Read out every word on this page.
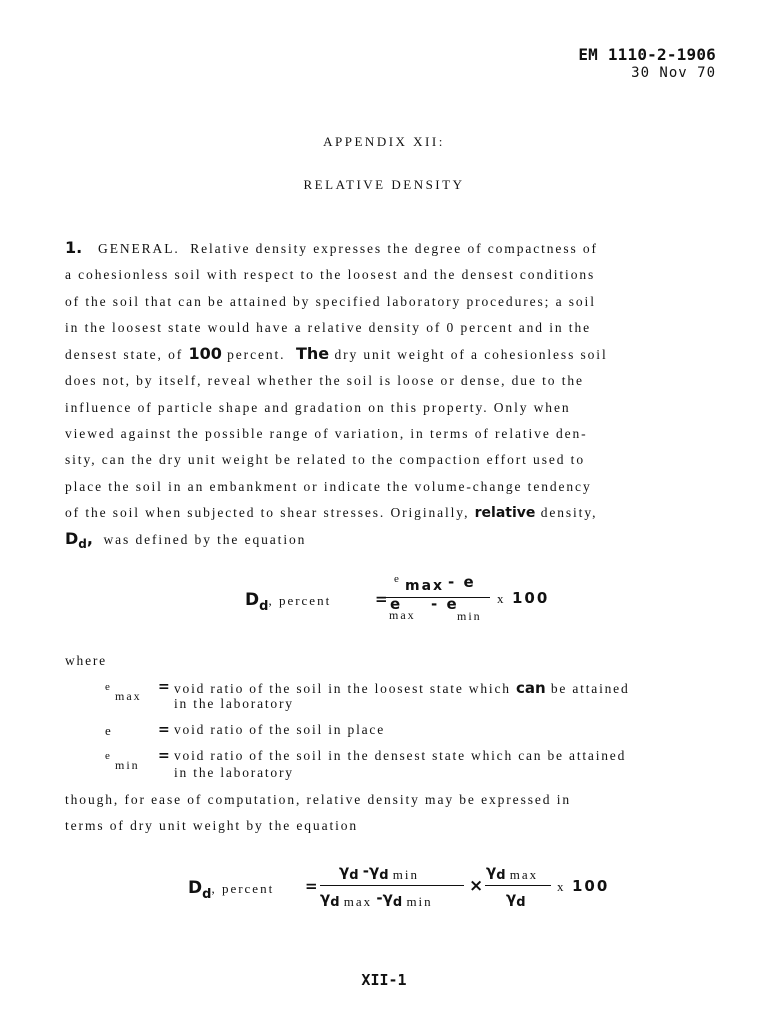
EM 1110-2-1906
30 Nov 70
APPENDIX XII:
RELATIVE DENSITY
1. GENERAL. Relative density expresses the degree of compactness of
a cohesionless soil with respect to the loosest and the densest conditions
of the soil that can be attained by specified laboratory procedures; a soil
in the loosest state would have a relative density of 0 percent and in the
densest state, of 100 percent. The dry unit weight of a cohesionless soil
does not, by itself, reveal whether the soil is loose or dense, due to the
influence of particle shape and gradation on this property. Only when
viewed against the possible range of variation, in terms of relative den-
sity, can the dry unit weight be related to the compaction effort used to
place the soil in an embankment or indicate the volume-change tendency
of the soil when subjected to shear stresses. Originally, relative density,
Dd, was defined by the equation
Dd, percent	=
e max - e
e
max
- e
min
x 100
where
e
max
= void ratio of the soil in the loosest state which can be attained
in the laboratory
e	= void ratio of the soil in place
e
min
= void ratio of the soil in the densest state which can be attained
in the laboratory
though, for ease of computation, relative density may be expressed in
terms of dry unit weight by the equation
Dd, percent =
γd -γd min
γd max -γd min
×
γd max
γd
x 100
XII-1
